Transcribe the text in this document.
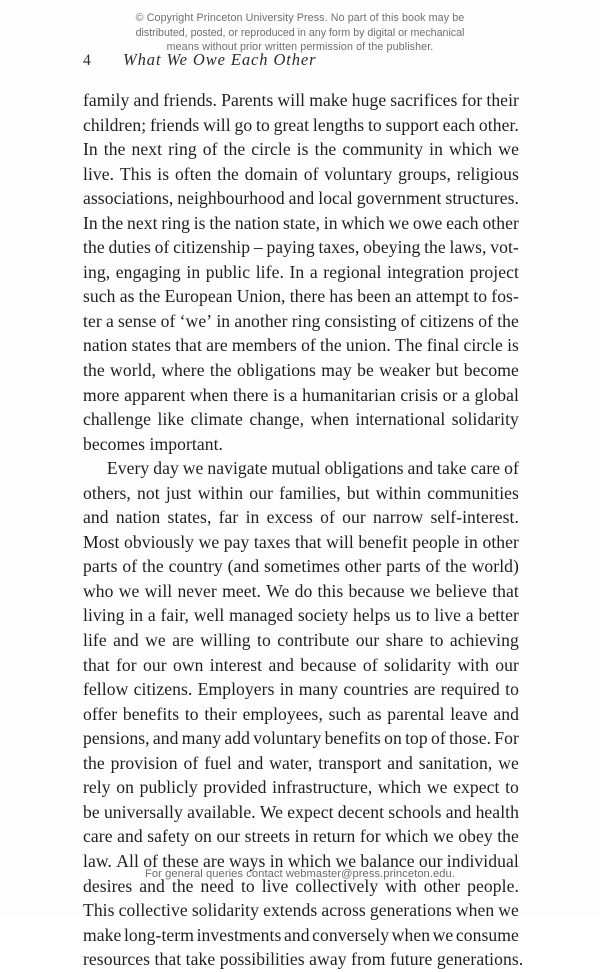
© Copyright Princeton University Press. No part of this book may be
distributed, posted, or reproduced in any form by digital or mechanical
means without prior written permission of the publisher.
4 What We Owe Each Other

family and friends. Parents will make huge sacrifices for their
children; friends will go to great lengths to support each other.
In the next ring of the circle is the community in which we
live. This is often the domain of voluntary groups, religious
associations, neighbourhood and local government structures.
In the next ring is the nation state, in which we owe each other
the duties of citizenship – paying taxes, obeying the laws, vot-
ing, engaging in public life. In a regional integration project
such as the European Union, there has been an attempt to fos-
ter a sense of ‘we’ in another ring consisting of citizens of the
nation states that are members of the union. The final circle is
the world, where the obligations may be weaker but become
more apparent when there is a humanitarian crisis or a global
challenge like climate change, when international solidarity
becomes important.

Every day we navigate mutual obligations and take care of
others, not just within our families, but within communities
and nation states, far in excess of our narrow self-interest.
Most obviously we pay taxes that will benefit people in other
parts of the country (and sometimes other parts of the world)
who we will never meet. We do this because we believe that
living in a fair, well managed society helps us to live a better
life and we are willing to contribute our share to achieving
that for our own interest and because of solidarity with our
fellow citizens. Employers in many countries are required to
offer benefits to their employees, such as parental leave and
pensions, and many add voluntary benefits on top of those. For
the provision of fuel and water, transport and sanitation, we
rely on publicly provided infrastructure, which we expect to
be universally available. We expect decent schools and health
care and safety on our streets in return for which we obey the
law. All of these are ways in which we balance our individual
desires and the need to live collectively with other people.
This collective solidarity extends across generations when we
make long-term investments and conversely when we consume
resources that take possibilities away from future generations.

For general queries contact webmaster@press.princeton.edu.
